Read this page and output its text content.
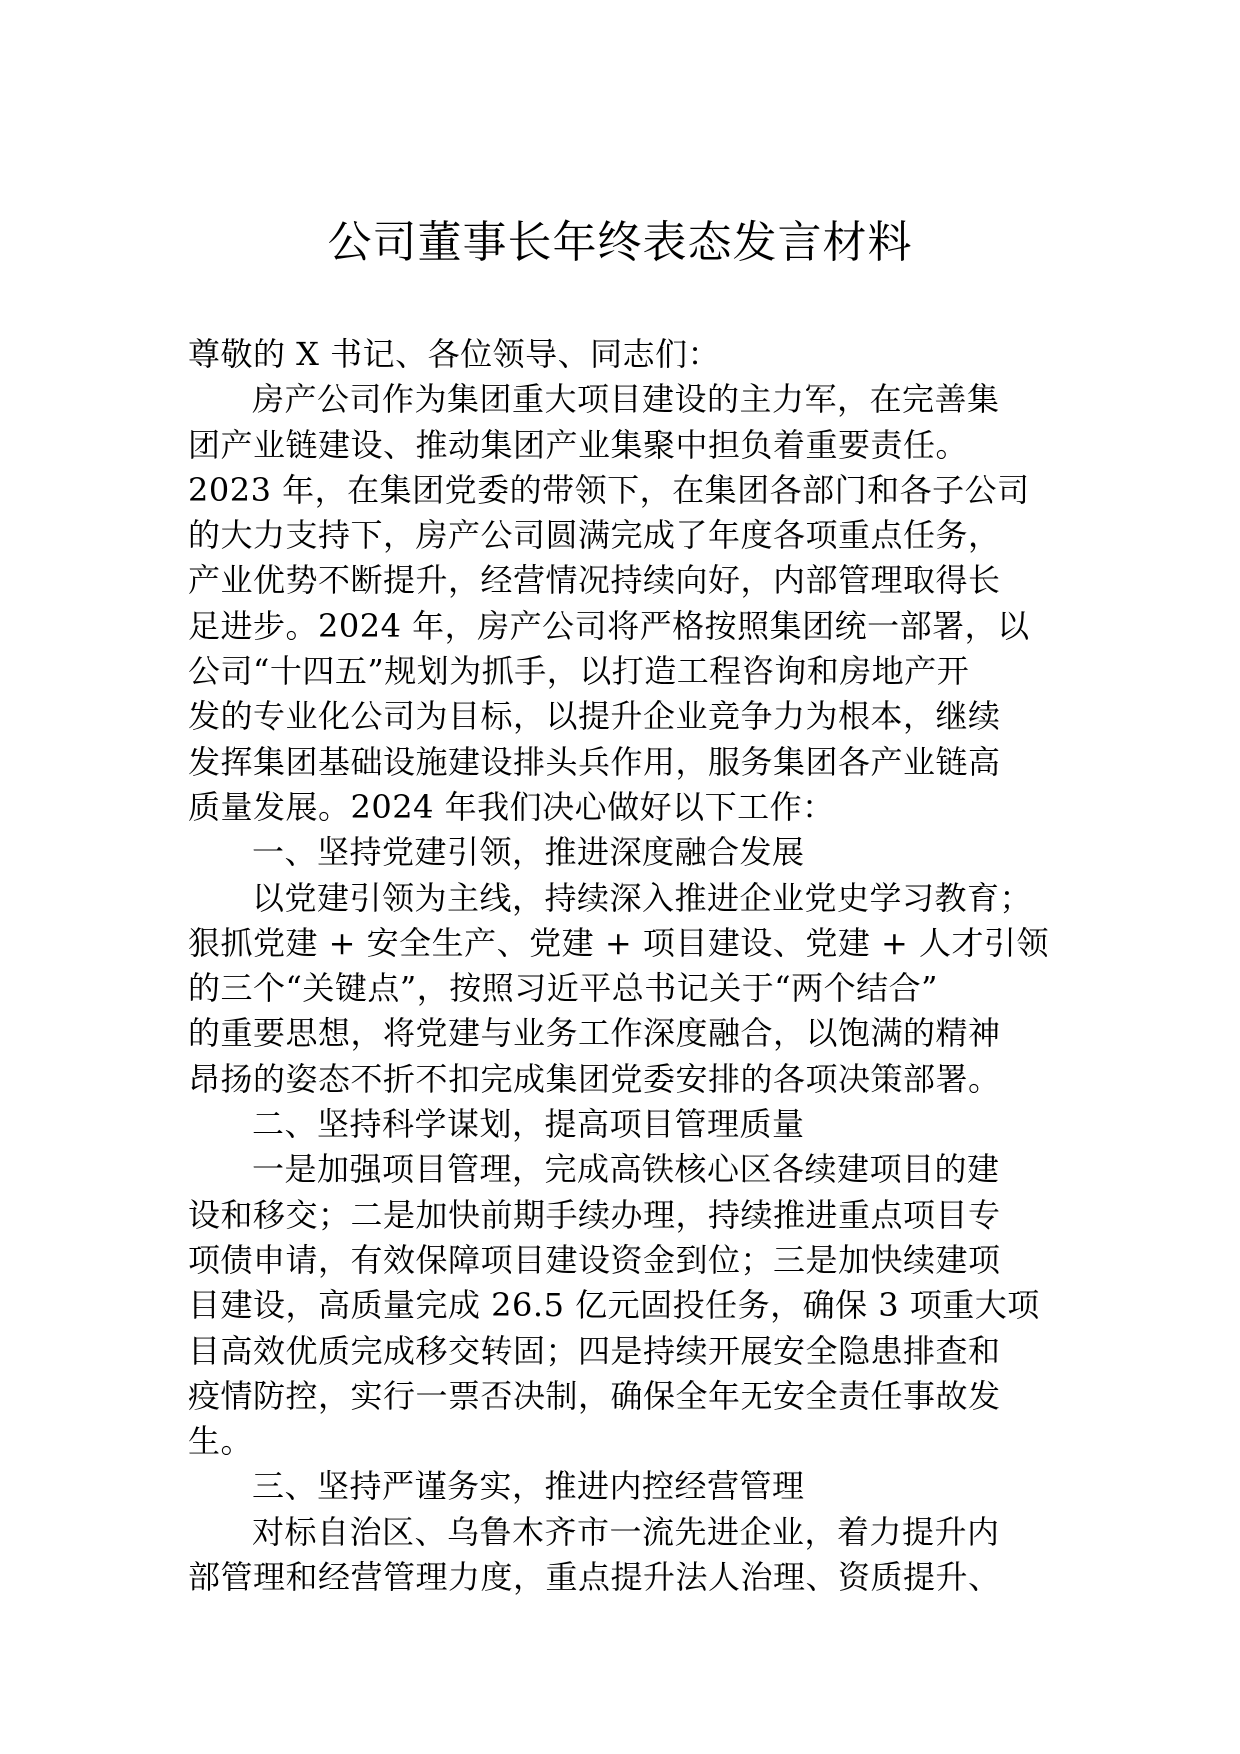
公司董事长年终表态发言材料
尊敬的 X 书记、各位领导、同志们：
房产公司作为集团重大项目建设的主力军，在完善集
团产业链建设、推动集团产业集聚中担负着重要责任。
2023 年，在集团党委的带领下，在集团各部门和各子公司
的大力支持下，房产公司圆满完成了年度各项重点任务，
产业优势不断提升，经营情况持续向好，内部管理取得长
足进步。2024 年，房产公司将严格按照集团统一部署，以
公司“十四五”规划为抓手，以打造工程咨询和房地产开
发的专业化公司为目标，以提升企业竞争力为根本，继续
发挥集团基础设施建设排头兵作用，服务集团各产业链高
质量发展。2024 年我们决心做好以下工作：
一、坚持党建引领，推进深度融合发展
以党建引领为主线，持续深入推进企业党史学习教育；
狠抓党建 + 安全生产、党建 + 项目建设、党建 + 人才引领
的三个“关键点”，按照习近平总书记关于“两个结合”
的重要思想，将党建与业务工作深度融合，以饱满的精神
昂扬的姿态不折不扣完成集团党委安排的各项决策部署。
二、坚持科学谋划，提高项目管理质量
一是加强项目管理，完成高铁核心区各续建项目的建
设和移交；二是加快前期手续办理，持续推进重点项目专
项债申请，有效保障项目建设资金到位；三是加快续建项
目建设，高质量完成 26.5 亿元固投任务，确保 3 项重大项
目高效优质完成移交转固；四是持续开展安全隐患排查和
疫情防控，实行一票否决制，确保全年无安全责任事故发
生。
三、坚持严谨务实，推进内控经营管理
对标自治区、乌鲁木齐市一流先进企业，着力提升内
部管理和经营管理力度，重点提升法人治理、资质提升、
